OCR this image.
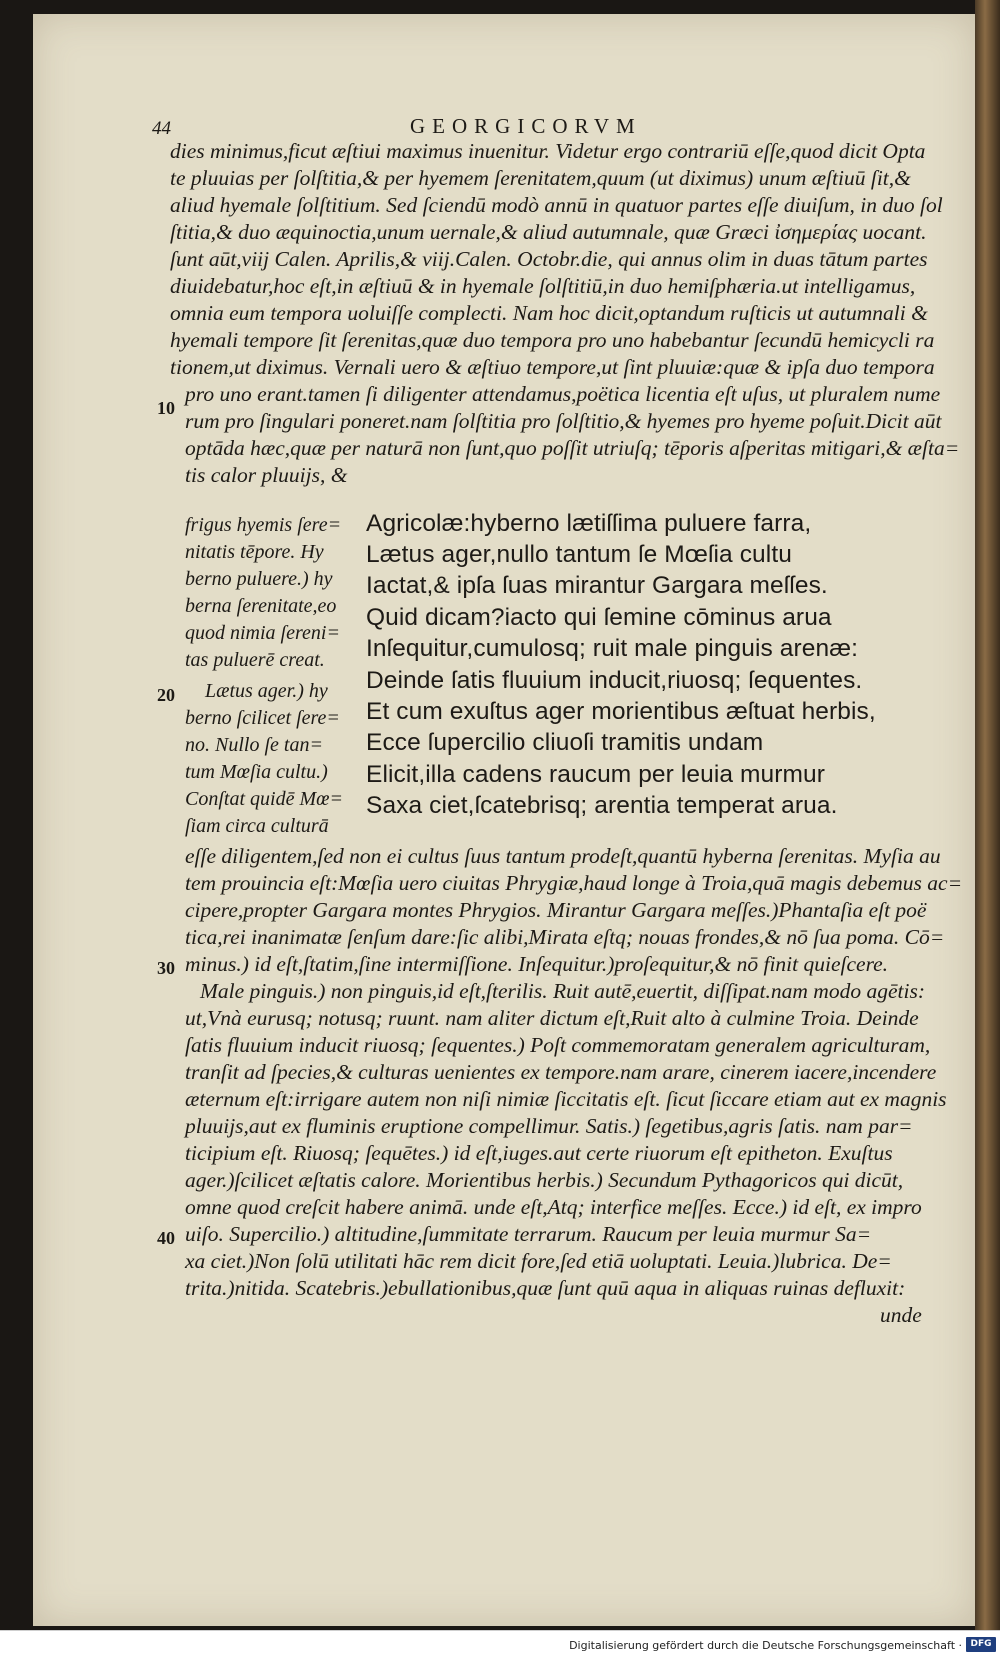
44	GEORGICORVM
dies minimus,ficut æſtiui maximus inuenitur. Videtur ergo contrariū eſſe,quod dicit Opta
te pluuias per ſolſtitia,& per hyemem ſerenitatem,quum (ut diximus) unum æſtiuū ſit,&
aliud hyemale ſolſtitium. Sed ſciendū modò annū in quatuor partes eſſe diuiſum, in duo ſol
ſtitia,& duo æquinoctia,unum uernale,& aliud autumnale, quæ Græci ἰσημερίας uocant.
ſunt aūt,viij Calen. Aprilis,& viij.Calen. Octobr.die, qui annus olim in duas tātum partes
diuidebatur,hoc eſt,in æſtiuū & in hyemale ſolſtitiū,in duo hemiſphæria.ut intelligamus,
omnia eum tempora uoluiſſe complecti. Nam hoc dicit,optandum ruſticis ut autumnali &
hyemali tempore ſit ſerenitas,quæ duo tempora pro uno habebantur ſecundū hemicycli ra
tionem,ut diximus. Vernali uero & æſtiuo tempore,ut ſint pluuiæ:quæ & ipſa duo tempora
pro uno erant.tamen ſi diligenter attendamus,poëtica licentia eſt uſus, ut pluralem nume
rum pro ſingulari poneret.nam ſolſtitia pro ſolſtitio,& hyemes pro hyeme poſuit.Dicit aūt
optāda hæc,quæ per naturā non ſunt,quo poſſit utriuſq; tēporis aſperitas mitigari,& æſta=
tis calor pluuijs, &
frigus hyemis ſere=
nitatis tēpore. Hy
berno puluere.) hy
berna ſerenitate,eo
quod nimia ſereni=
tas puluerē creat.
Lætus ager.) hy
berno ſcilicet ſere=
no. Nullo ſe tan=
tum Mœſia cultu.)
Conſtat quidē Mœ=
ſiam circa culturā
Agricolæ:hyberno lætiſſima puluere farra,
Lætus ager,nullo tantum ſe Mœſia cultu
Iactat,& ipſa ſuas mirantur Gargara meſſes.
Quid dicam?iacto qui ſemine cōminus arua
Inſequitur,cumulosq; ruit male pinguis arenæ:
Deinde ſatis fluuium inducit,riuosq; ſequentes.
Et cum exuſtus ager morientibus æſtuat herbis,
Ecce ſupercilio cliuoſi tramitis undam
Elicit,illa cadens raucum per leuia murmur
Saxa ciet,ſcatebrisq; arentia temperat arua.
eſſe diligentem,ſed non ei cultus ſuus tantum prodeſt,quantū hyberna ſerenitas. Myſia au
tem prouincia eſt:Mœſia uero ciuitas Phrygiæ,haud longe à Troia,quā magis debemus ac=
cipere,propter Gargara montes Phrygios. Mirantur Gargara meſſes.)Phantaſia eſt poë
tica,rei inanimatæ ſenſum dare:ſic alibi,Mirata eſtq; nouas frondes,& nō ſua poma. Cō=
minus.) id eſt,ſtatim,ſine intermiſſione. Inſequitur.)proſequitur,& nō finit quieſcere.
Male pinguis.) non pinguis,id eſt,ſterilis. Ruit autē,euertit, diſſipat.nam modo agētis:
ut,Vnà eurusq; notusq; ruunt. nam aliter dictum eſt,Ruit alto à culmine Troia. Deinde
ſatis fluuium inducit riuosq; ſequentes.) Poſt commemoratam generalem agriculturam,
tranſit ad ſpecies,& culturas uenientes ex tempore.nam arare, cinerem iacere,incendere
æternum eſt:irrigare autem non niſi nimiæ ſiccitatis eſt. ſicut ſiccare etiam aut ex magnis
pluuijs,aut ex fluminis eruptione compellimur. Satis.) ſegetibus,agris ſatis. nam par=
ticipium eſt. Riuosq; ſequētes.) id eſt,iuges.aut certe riuorum eſt epitheton. Exuſtus
ager.)ſcilicet æſtatis calore. Morientibus herbis.) Secundum Pythagoricos qui dicūt,
omne quod creſcit habere animā. unde eſt,Atq; interfice meſſes. Ecce.) id eſt, ex impro
uiſo. Supercilio.) altitudine,ſummitate terrarum. Raucum per leuia murmur Sa=
xa ciet.)Non ſolū utilitati hāc rem dicit fore,ſed etiā uoluptati. Leuia.)lubrica. De=
trita.)nitida. Scatebris.)ebullationibus,quæ ſunt quū aqua in aliquas ruinas defluxit:
unde
10
20
30
40
Digitalisierung gefördert durch die Deutsche Forschungsgemeinschaft · DFG
